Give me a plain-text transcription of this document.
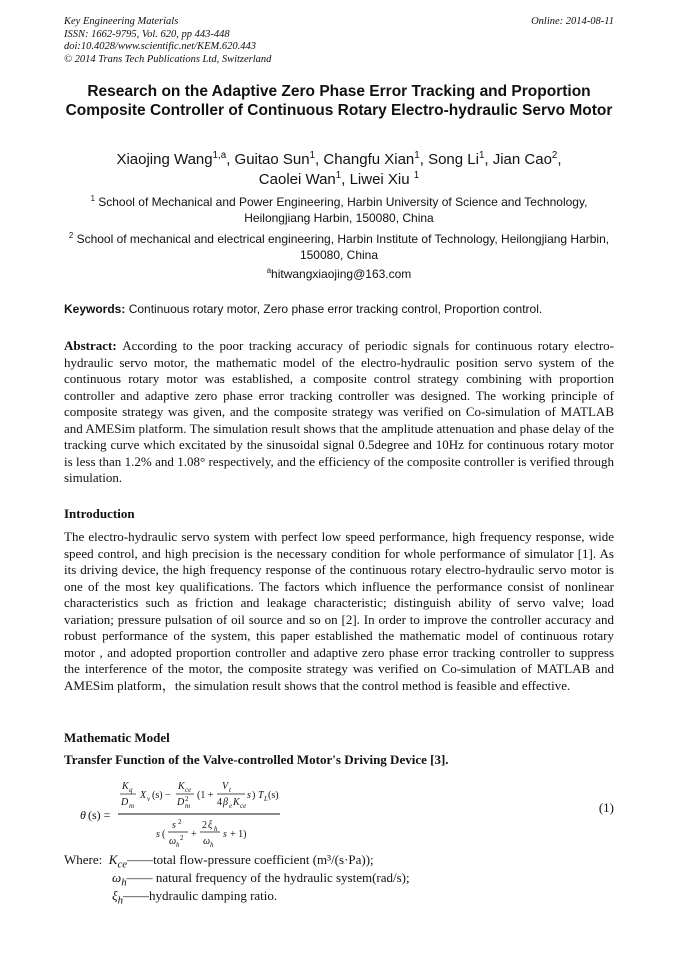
Key Engineering Materials
ISSN: 1662-9795, Vol. 620, pp 443-448
doi:10.4028/www.scientific.net/KEM.620.443
© 2014 Trans Tech Publications Ltd, Switzerland
Online: 2014-08-11
Research on the Adaptive Zero Phase Error Tracking and Proportion Composite Controller of Continuous Rotary Electro-hydraulic Servo Motor
Xiaojing Wang$^{1,a}$, Guitao Sun$^1$, Changfu Xian$^1$, Song Li$^1$, Jian Cao$^2$,
Caolei Wan$^1$, Liwei Xiu $^1$
$^1$ School of Mechanical and Power Engineering, Harbin University of Science and Technology, Heilongjiang Harbin, 150080, China
$^2$ School of mechanical and electrical engineering, Harbin Institute of Technology, Heilongjiang Harbin, 150080, China
$^a$hitwangxiaojing@163.com
Keywords: Continuous rotary motor, Zero phase error tracking control, Proportion control.
Abstract: According to the poor tracking accuracy of periodic signals for continuous rotary electro-hydraulic servo motor, the mathematic model of the electro-hydraulic position servo system of the continuous rotary motor was established, a composite control strategy combining with proportion controller and adaptive zero phase error tracking controller was designed. The working principle of composite strategy was given, and the composite strategy was verified on Co-simulation of MATLAB and AMESim platform. The simulation result shows that the amplitude attenuation and phase delay of the tracking curve which excitated by the sinusoidal signal 0.5degree and 10Hz for continuous rotary motor is less than 1.2% and 1.08° respectively, and the efficiency of the composite controller is verified through simulation.
Introduction
The electro-hydraulic servo system with perfect low speed performance, high frequency response, wide speed control, and high precision is the necessary condition for whole performance of simulator [1]. As its driving device, the high frequency response of the continuous rotary electro-hydraulic servo motor is one of the most key qualifications. The factors which influence the performance consist of nonlinear characteristics such as friction and leakage characteristic; distinguish ability of servo valve; load variation; pressure pulsation of oil source and so on [2]. In order to improve the controller accuracy and robust performance of the system, this paper established the mathematic model of continuous rotary motor , and adopted proportion controller and adaptive zero phase error tracking controller to suppress the interference of the motor, the composite strategy was verified on Co-simulation of MATLAB and AMESim platform，the simulation result shows that the control method is feasible and effective.
Mathematic Model
Transfer Function of the Valve-controlled Motor's Driving Device [3].
θ (s) =
K q
D m
X v (s) −
K ce
D 2
m
(1 +
V t
4 β e K ce
s ) T L (s)
s (
s 2
ω h
2 +
2 ξ h
ω h
s + 1)
(1)
Where: $K_{ce}——total$ flow-pressure coefficient (m³/(s·Pa));
$\omega_h——$ natural frequency of the hydraulic system(rad/s);
$\xi_h——hydraulic$ damping ratio.
